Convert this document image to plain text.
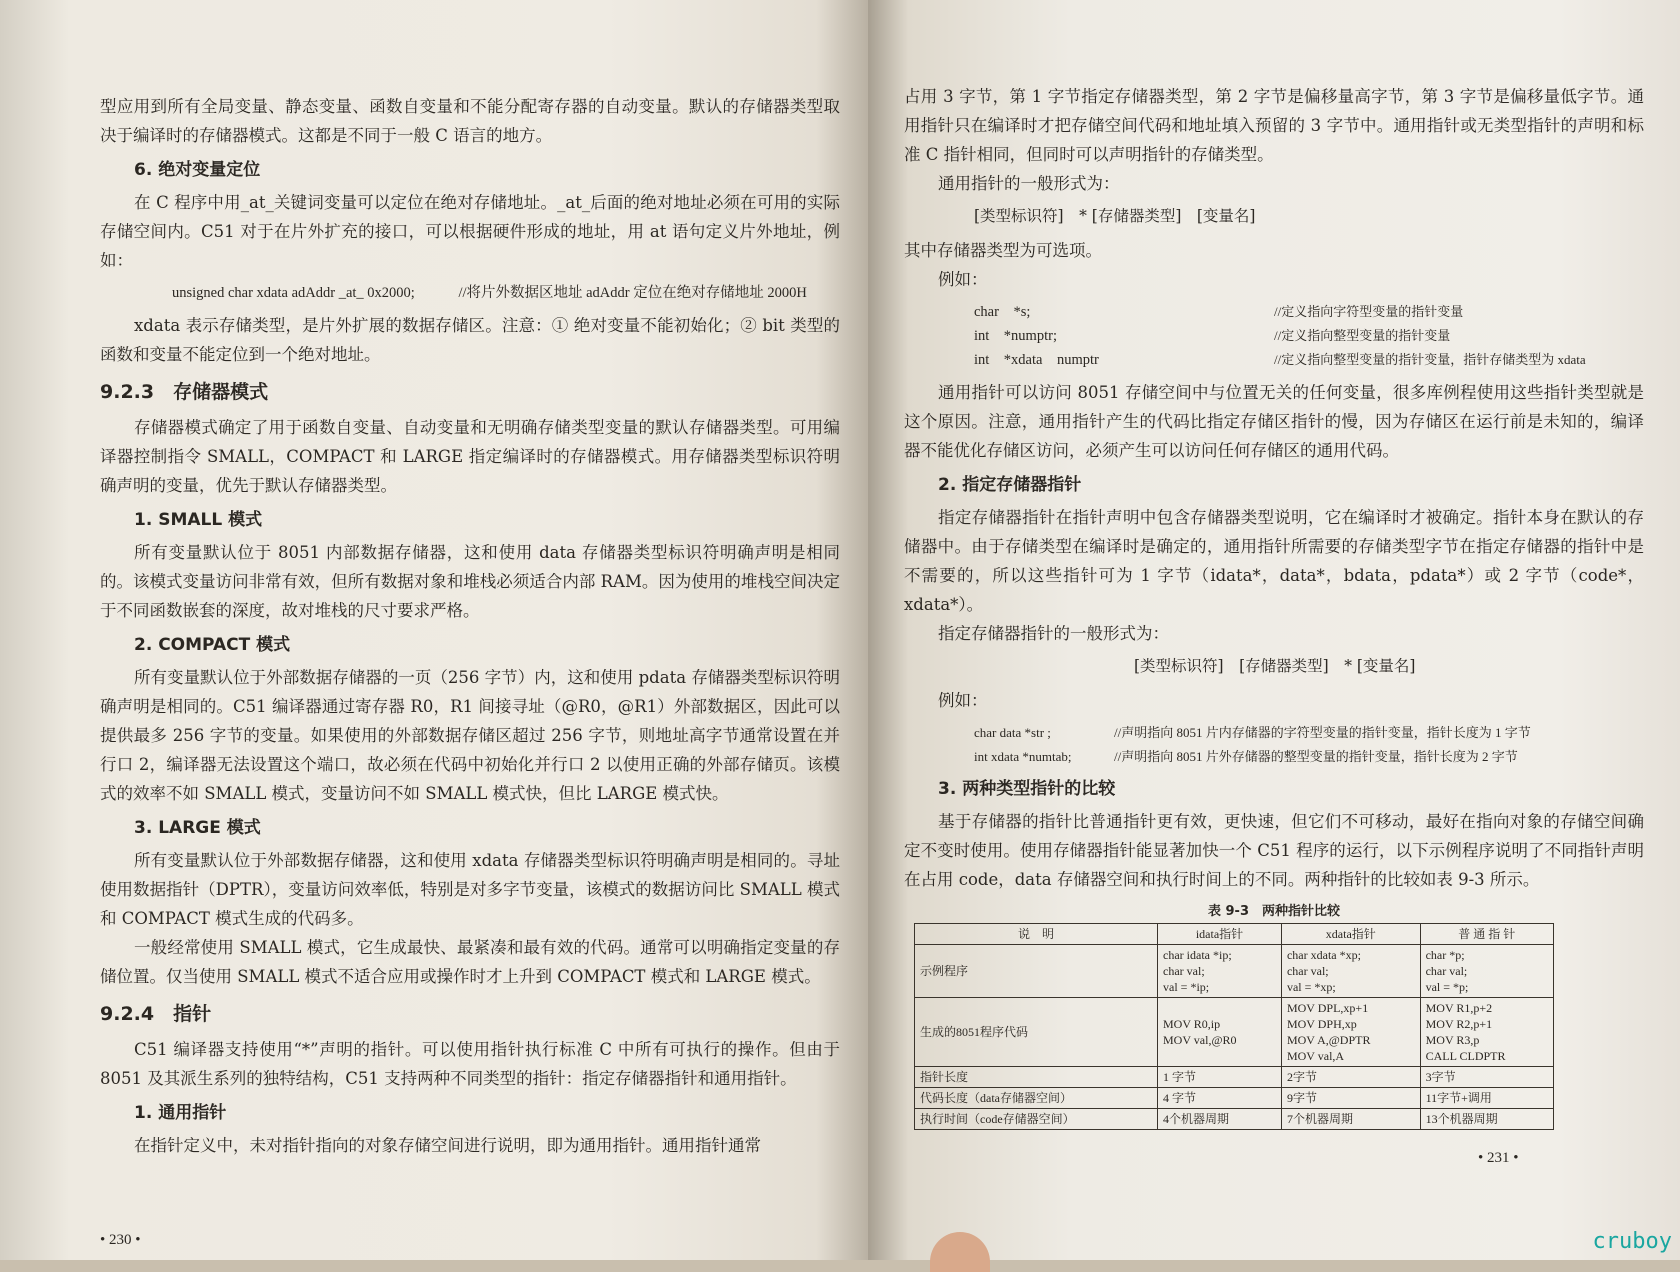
型应用到所有全局变量、静态变量、函数自变量和不能分配寄存器的自动变量。默认的存储器类型取决于编译时的存储器模式。这都是不同于一般 C 语言的地方。

6. 绝对变量定位

在 C 程序中用_at_关键词变量可以定位在绝对存储地址。_at_后面的绝对地址必须在可用的实际存储空间内。C51 对于在片外扩充的接口，可以根据硬件形成的地址，用 at 语句定义片外地址，例如：

unsigned char xdata adAddr _at_ 0x2000;	//将片外数据区地址 adAddr 定位在绝对存储地址 2000H

xdata 表示存储类型，是片外扩展的数据存储区。注意：① 绝对变量不能初始化；② bit 类型的函数和变量不能定位到一个绝对地址。

9.2.3　存储器模式

存储器模式确定了用于函数自变量、自动变量和无明确存储类型变量的默认存储器类型。可用编译器控制指令 SMALL，COMPACT 和 LARGE 指定编译时的存储器模式。用存储器类型标识符明确声明的变量，优先于默认存储器类型。

1. SMALL 模式

所有变量默认位于 8051 内部数据存储器，这和使用 data 存储器类型标识符明确声明是相同的。该模式变量访问非常有效，但所有数据对象和堆栈必须适合内部 RAM。因为使用的堆栈空间决定于不同函数嵌套的深度，故对堆栈的尺寸要求严格。

2. COMPACT 模式

所有变量默认位于外部数据存储器的一页（256 字节）内，这和使用 pdata 存储器类型标识符明确声明是相同的。C51 编译器通过寄存器 R0，R1 间接寻址（@R0，@R1）外部数据区，因此可以提供最多 256 字节的变量。如果使用的外部数据存储区超过 256 字节，则地址高字节通常设置在并行口 2，编译器无法设置这个端口，故必须在代码中初始化并行口 2 以使用正确的外部存储页。该模式的效率不如 SMALL 模式，变量访问不如 SMALL 模式快，但比 LARGE 模式快。

3. LARGE 模式

所有变量默认位于外部数据存储器，这和使用 xdata 存储器类型标识符明确声明是相同的。寻址使用数据指针（DPTR），变量访问效率低，特别是对多字节变量，该模式的数据访问比 SMALL 模式和 COMPACT 模式生成的代码多。

一般经常使用 SMALL 模式，它生成最快、最紧凑和最有效的代码。通常可以明确指定变量的存储位置。仅当使用 SMALL 模式不适合应用或操作时才上升到 COMPACT 模式和 LARGE 模式。

9.2.4　指针

C51 编译器支持使用“*”声明的指针。可以使用指针执行标准 C 中所有可执行的操作。但由于 8051 及其派生系列的独特结构，C51 支持两种不同类型的指针：指定存储器指针和通用指针。

1. 通用指针

在指针定义中，未对指针指向的对象存储空间进行说明，即为通用指针。通用指针通常

• 230 •

占用 3 字节，第 1 字节指定存储器类型，第 2 字节是偏移量高字节，第 3 字节是偏移量低字节。通用指针只在编译时才把存储空间代码和地址填入预留的 3 字节中。通用指针或无类型指针的声明和标准 C 指针相同，但同时可以声明指针的存储类型。

通用指针的一般形式为：

[类型标识符]　* [存储器类型]　[变量名]

其中存储器类型为可选项。

例如：

char　*s;	//定义指向字符型变量的指针变量
int　*numptr;	//定义指向整型变量的指针变量
int　*xdata　numptr	//定义指向整型变量的指针变量，指针存储类型为 xdata

通用指针可以访问 8051 存储空间中与位置无关的任何变量，很多库例程使用这些指针类型就是这个原因。注意，通用指针产生的代码比指定存储区指针的慢，因为存储区在运行前是未知的，编译器不能优化存储区访问，必须产生可以访问任何存储区的通用代码。

2. 指定存储器指针

指定存储器指针在指针声明中包含存储器类型说明，它在编译时才被确定。指针本身在默认的存储器中。由于存储类型在编译时是确定的，通用指针所需要的存储类型字节在指定存储器的指针中是不需要的，所以这些指针可为 1 字节（idata*，data*，bdata，pdata*）或 2 字节（code*，xdata*）。

指定存储器指针的一般形式为：

[类型标识符]　[存储器类型]　* [变量名]

例如：

char data *str ;	//声明指向 8051 片内存储器的字符型变量的指针变量，指针长度为 1 字节
int xdata *numtab;	//声明指向 8051 片外存储器的整型变量的指针变量，指针长度为 2 字节
3. 两种类型指针的比较

基于存储器的指针比普通指针更有效，更快速，但它们不可移动，最好在指向对象的存储空间确定不变时使用。使用存储器指针能显著加快一个 C51 程序的运行，以下示例程序说明了不同指针声明在占用 code，data 存储器空间和执行时间上的不同。两种指针的比较如表 9-3 所示。

表 9-3　两种指针比较
说　明	idata指针	xdata指针	普 通 指 针
示例程序	char idata *ip;
char val;
val = *ip;	char xdata *xp;
char val;
val = *xp;	char *p;
char val;
val = *p;
生成的8051程序代码	MOV R0,ip
MOV val,@R0	MOV DPL,xp+1
MOV DPH,xp
MOV A,@DPTR
MOV val,A	MOV R1,p+2
MOV R2,p+1
MOV R3,p
CALL CLDPTR
指针长度	1 字节	2字节	3字节
代码长度（data存储器空间）	4 字节	9字节	11字节+调用
执行时间（code存储器空间）	4个机器周期	7个机器周期	13个机器周期
• 231 •
cruboy
